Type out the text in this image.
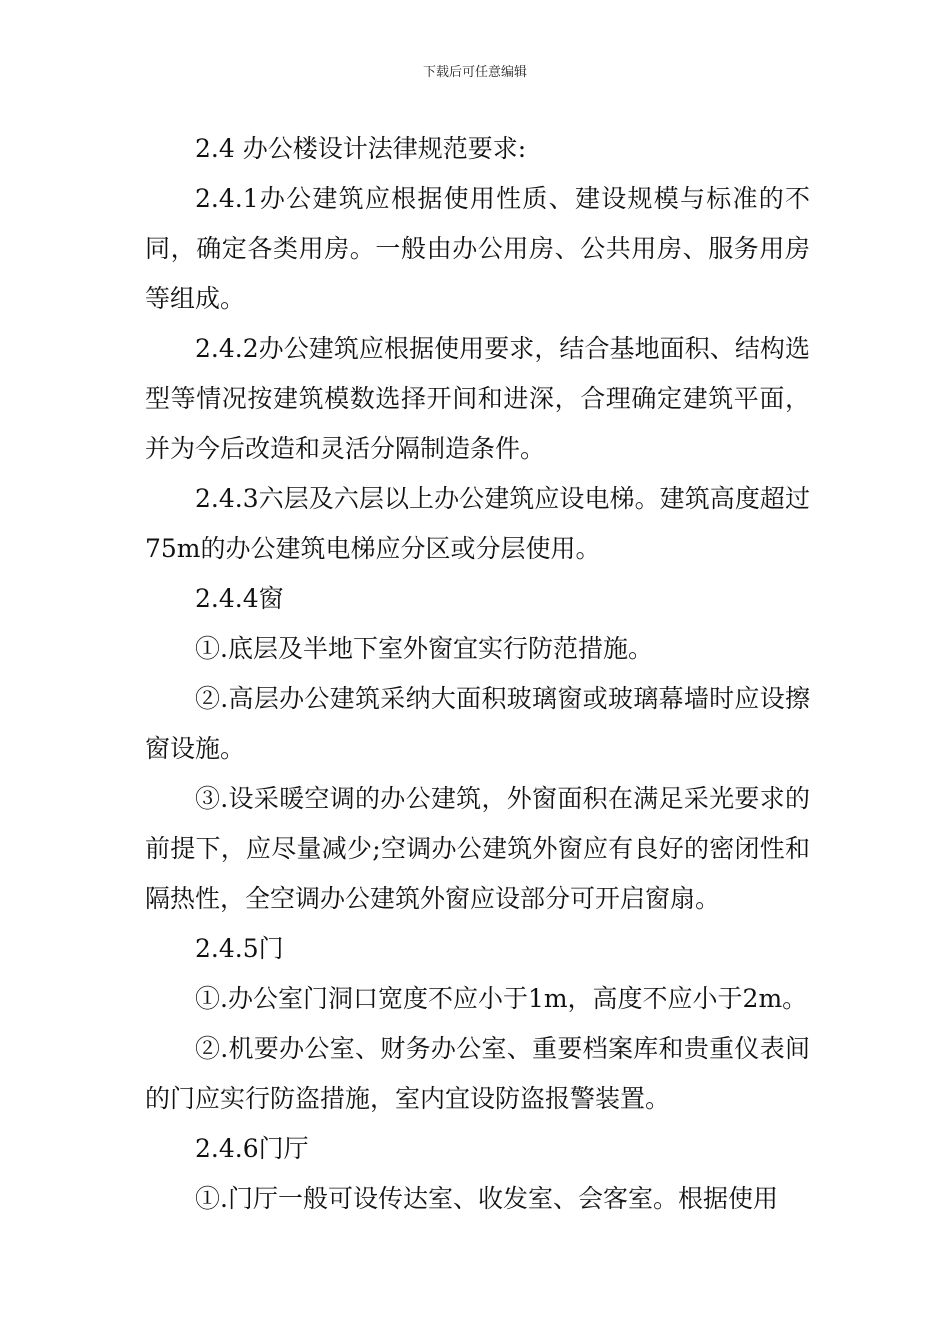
下载后可任意编辑

2.4 办公楼设计法律规范要求:

2.4.1办公建筑应根据使用性质、建设规模与标准的不同，确定各类用房。一般由办公用房、公共用房、服务用房等组成。

2.4.2办公建筑应根据使用要求，结合基地面积、结构选型等情况按建筑模数选择开间和进深，合理确定建筑平面，并为今后改造和灵活分隔制造条件。

2.4.3六层及六层以上办公建筑应设电梯。建筑高度超过75m的办公建筑电梯应分区或分层使用。

2.4.4窗

①.底层及半地下室外窗宜实行防范措施。

②.高层办公建筑采纳大面积玻璃窗或玻璃幕墙时应设擦窗设施。

③.设采暖空调的办公建筑，外窗面积在满足采光要求的前提下，应尽量减少;空调办公建筑外窗应有良好的密闭性和隔热性，全空调办公建筑外窗应设部分可开启窗扇。

2.4.5门

①.办公室门洞口宽度不应小于1m，高度不应小于2m。

②.机要办公室、财务办公室、重要档案库和贵重仪表间的门应实行防盗措施，室内宜设防盗报警装置。

2.4.6门厅

①.门厅一般可设传达室、收发室、会客室。根据使用
